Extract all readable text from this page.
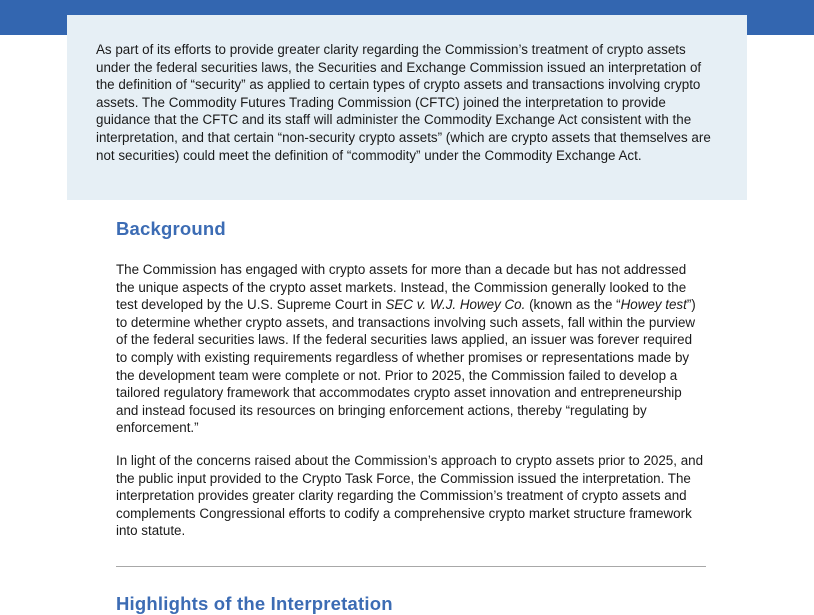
As part of its efforts to provide greater clarity regarding the Commission’s treatment of crypto assets under the federal securities laws, the Securities and Exchange Commission issued an interpretation of the definition of “security” as applied to certain types of crypto assets and transactions involving crypto assets. The Commodity Futures Trading Commission (CFTC) joined the interpretation to provide guidance that the CFTC and its staff will administer the Commodity Exchange Act consistent with the interpretation, and that certain “non-security crypto assets” (which are crypto assets that themselves are not securities) could meet the definition of “commodity” under the Commodity Exchange Act.

Background

The Commission has engaged with crypto assets for more than a decade but has not addressed the unique aspects of the crypto asset markets. Instead, the Commission generally looked to the test developed by the U.S. Supreme Court in SEC v. W.J. Howey Co. (known as the “Howey test”) to determine whether crypto assets, and transactions involving such assets, fall within the purview of the federal securities laws. If the federal securities laws applied, an issuer was forever required to comply with existing requirements regardless of whether promises or representations made by the development team were complete or not. Prior to 2025, the Commission failed to develop a tailored regulatory framework that accommodates crypto asset innovation and entrepreneurship and instead focused its resources on bringing enforcement actions, thereby “regulating by enforcement.”

In light of the concerns raised about the Commission’s approach to crypto assets prior to 2025, and the public input provided to the Crypto Task Force, the Commission issued the interpretation. The interpretation provides greater clarity regarding the Commission’s treatment of crypto assets and complements Congressional efforts to codify a comprehensive crypto market structure framework into statute.

Highlights of the Interpretation
